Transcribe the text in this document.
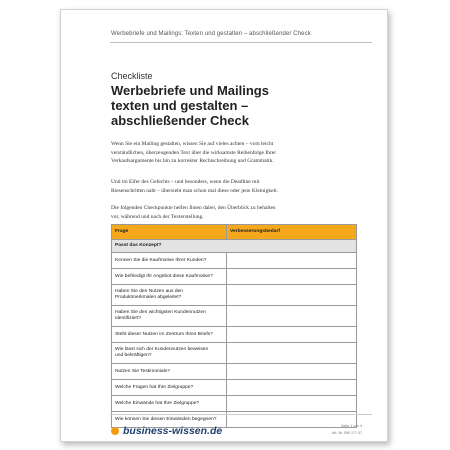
Werbebriefe und Mailings: Texten und gestalten – abschließender Check
Checkliste
Werbebriefe und Mailings
texten und gestalten –
abschließender Check
Wenn Sie ein Mailing gestalten, wissen Sie auf vieles achten – vom leicht
verständlichen, überzeugenden Text über die wirksamste Reihenfolge Ihrer
Verkaufsargumente bis hin zu korrekter Rechtschreibung und Grammatik.
Und im Eifer des Gefechts – und besonders, wenn die Deadline mit
Riesenschritten naht – übersieht man schon mal diese oder jene Kleinigkeit.
Die folgenden Checkpunkte helfen Ihnen dabei, den Überblick zu behalten
vor, während und nach der Texterstellung.
Frage	Verbesserungsbedarf
Passt das Konzept?	
Kennen Sie die Kaufmotive Ihrer Kunden?	
Wie befriedigt Ihr Angebot diese Kaufmotive?	

Haben Sie den Nutzen aus den
Produktmerkmalen abgeleitet?	

Haben Sie den wichtigsten Kundennutzen
identifiziert?	

Steht dieser Nutzen im Zentrum Ihres Briefs?	

Wie lässt sich der Kundennutzen beweisen
und bekräftigen?	

Nutzen Sie Testimonials?	
Welche Fragen hat Ihre Zielgruppe?	
Welche Einwände hat Ihre Zielgruppe?	
Wie können Sie diesen Einwänden begegnen?	
business-wissen.de	Seite 1 von 4
Art.-Nr. BW 177 07
